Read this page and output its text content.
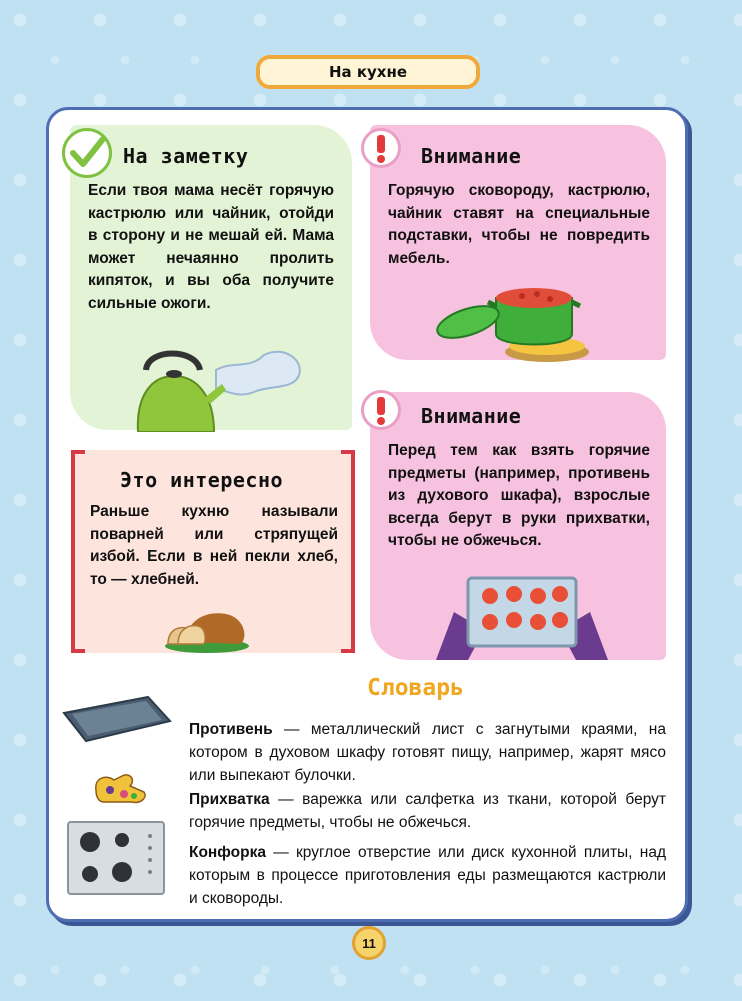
На кухне
На заметку
Если твоя мама несёт горячую кастрюлю или чайник, отойди в сторону и не мешай ей. Мама может нечаянно пролить кипяток, и вы оба получите сильные ожоги.
Внимание
Горячую сковороду, кастрюлю, чайник ставят на специальные подставки, чтобы не повредить мебель.
Внимание
Перед тем как взять горячие предметы (например, противень из духового шкафа), взрослые всегда берут в руки прихватки, чтобы не обжечься.
Это интересно
Раньше кухню называли поварней или стряпущей избой. Если в ней пекли хлеб, то — хлебней.
Словарь
Противень — металлический лист с загнутыми краями, на котором в духовом шкафу готовят пищу, например, жарят мясо или выпекают булочки.
Прихватка — варежка или салфетка из ткани, которой берут горячие предметы, чтобы не обжечься.
Конфорка — круглое отверстие или диск кухонной плиты, над которым в процессе приготовления еды размещаются кастрюли и сковороды.
11
